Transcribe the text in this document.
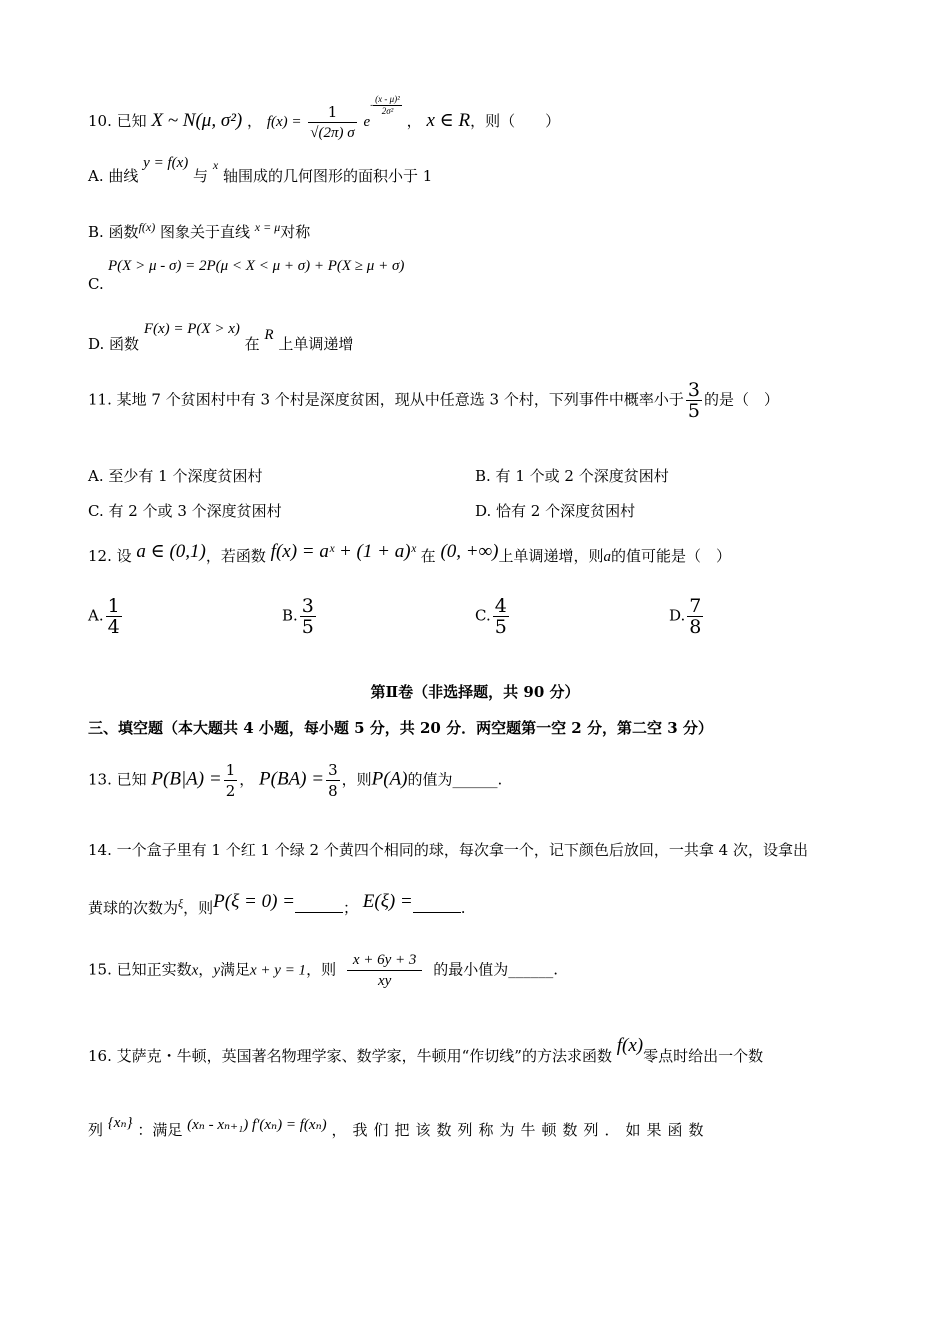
10. 已知 X ~ N(μ, σ²) ， $f(x) = \frac{1}{√(2\pi) \sigma} e- \frac{\text{(x - μ)²}}{\text{2σ²}}$
， x ∈ R，则（　　）
A. 曲线 y = f(x) 与 $^x$ 轴围成的几何图形的面积小于 1
B. 函数$^{f(x)}$ 图象关于直线 $^{x = \mu}$对称
P(X > μ - σ) = 2P(μ < X < μ + σ) + P(X ≥ μ + σ)
C.
D. 函数 F(x) = P(X > x) 在 R 上单调递增
11. 某地 7 个贫困村中有 3 个村是深度贫困，现从中任意选 3 个村，下列事件中概率小于 $\frac{3}{5}$ 的是（　）
A. 至少有 1 个深度贫困村	B. 有 1 个或 2 个深度贫困村
C. 有 2 个或 3 个深度贫困村	D. 恰有 2 个深度贫困村
12. 设 a ∈ (0,1)，若函数 f(x) = aˣ + (1 + a)ˣ 在 (0, +∞)上单调递增，则a的值可能是（　）
A. $\frac{1}{4}$	B. $\frac{3}{5}$	C. $\frac{4}{5}$	D. $\frac{7}{8}$
第Ⅱ卷（非选择题，共 90 分）
三、填空题（本大题共 4 小题，每小题 5 分，共 20 分．两空题第一空 2 分，第二空 3 分）
13. 已知 $P(B|A) = \frac{1}{2}$ ， $P(BA) = \frac{3}{8}$ ，则P(A)的值为______.
14. 一个盒子里有 1 个红 1 个绿 2 个黄四个相同的球，每次拿一个，记下颜色后放回，一共拿 4 次，设拿出
黄球的次数为$^\xi$，则P(ξ = 0) =	； E(ξ) =	.
15. 已知正实数x，y满足x + y = 1，则 $\frac{x + 6y + 3}{xy}$ 的最小值为______.
16. 艾萨克・牛顿，英国著名物理学家、数学家，牛顿用“作切线”的方法求函数 f(x)零点时给出一个数
列 {xₙ} ：满足 (xₙ - xₙ₊₁) f′(xₙ) = f(xₙ) ，我们把该数列称为牛顿数列．如果函数
